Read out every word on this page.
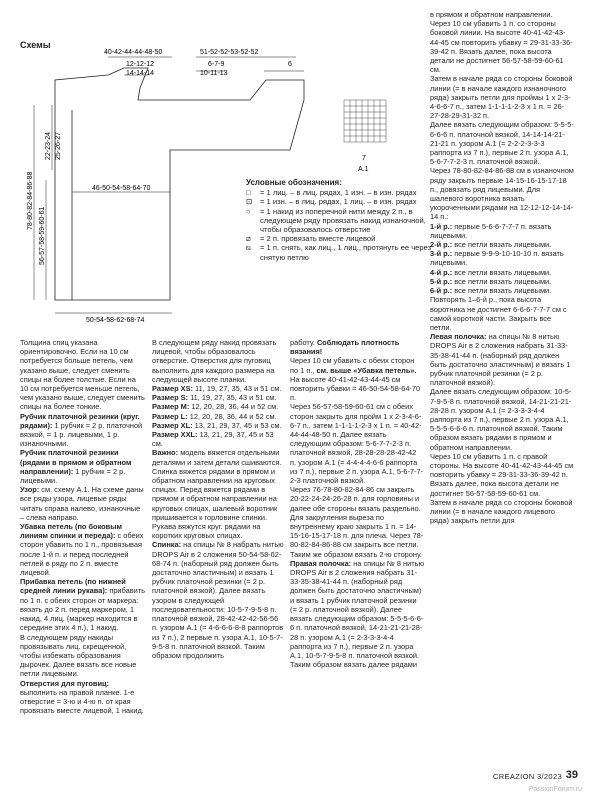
Схемы
40-42-44-44-48-50
12-12-12
14-14-14
51-52-52-53-52-52
6-7-9
10-11-13
6
46-50-54-58-64-70
50-54-58-62-68-74
22-23-24 25-26-27
78-80-82-84-86-88
56-57-58-59-60-61
7
A.1
Условные обозначения:
□	= 1 лиц. – в лиц. рядах, 1 изн. – в изн. рядах
⊡	= 1 изн. – в лиц. рядах, 1 лиц. – в изн. рядах
○	= 1 накид из поперечной нити между 2 п., в следующем ряду провязать накид изнаночной, чтобы образовалось отверстие
⧄	= 2 п. провязать вместе лицевой
⧅	= 1 п. снять, как лиц., 1 лиц., протянуть ее через снятую петлю

Толщина спиц указана ориентировочно. Если на 10 см потребуется больше петель, чем указано выше, следует сменить спицы на более толстые. Если на 10 см потребуется меньше петель, чем указано выше, следует сменить спицы на более тонкие.

Рубчик платочной резинки (круг. рядами): 1 рубчик = 2 р. платочной вязкой, = 1 р. лицевыми, 1 р. изнаночными.

Рубчик платочной резинки (рядами в прямом и обратном направлении): 1 рубчик = 2 р. лицевыми.

Узор: см. схему А.1. На схеме даны все ряды узора, лицевые ряды читать справа налево, изнаночные – слева направо.

Убавка петель (по боковым линиям спинки и переда): с обеих сторон убавить по 1 п., провязывая после 1-й п. и перед последней петлей в ряду по 2 п. вместе лицевой.

Прибавка петель (по нижней средней линии рукава): прибавить по 1 п. с обеих сторон от маркера: вязать до 2 п. перед маркером, 1 накид, 4 лиц. (маркер находится в середине этих 4 п.), 1 накид.

В следующем ряду накиды провязывать лиц. скрещенной, чтобы избежать образования дырочек. Далее вязать все новые петли лицевыми.

Отверстия для пуговиц: выполнить на правой планке. 1-е отверстие = 3-ю и 4-ю п. от края провязать вместе лицевой, 1 накид.

В следующем ряду накид провязать лицевой, чтобы образовалось отверстие. Отверстия для пуговиц выполнить для каждого размера на следующей высоте планки.

Размер XS: 11, 19, 27, 35, 43 и 51 см.

Размер S: 11, 19, 27, 35, 43 и 51 см.

Размер M: 12, 20, 28, 36, 44 и 52 см.

Размер L: 12, 20, 28, 36, 44 и 52 см.

Размер XL: 13, 21, 29, 37, 45 и 53 см.

Размер XXL: 13, 21, 29, 37, 45 и 53 см.

Важно: модель вяжется отдельными деталями и затем детали сшиваются. Спинка вяжется рядами в прямом и обратном направлении на круговых спицах. Перед вяжется рядами в прямом и обратном направлении на круговых спицах, шалевый воротник пришивается к горловине спинки. Рукава вяжутся круг. рядами на коротких круговых спицах.

Спинка: на спицы № 8 набрать нитью DROPS Air в 2 сложения 50-54-58-62-68-74 п. (наборный ряд должен быть достаточно эластичным) и вязать 1 рубчик платочной резинки (= 2 р. платочной вязкой). Далее вязать узором в следующей последовательности: 10-5-7-9-5-8 п. платочной вязкой, 28-42-42-42-56-56 п. узором А.1 (= 4-6-6-6-8-8 раппортов из 7 п.), 2 первые п. узора А.1, 10-5-7-9-5-8 п. платочной вязкой. Таким образом продолжить

работу. Соблюдать плотность вязания!

Через 10 см убавить с обеих сторон по 1 п., см. выше «Убавка петель».

На высоте 40-41-42-43-44-45 см повторить убавки = 46-50-54-58-64-70 п.

Через 56-57-58-59-60-61 см с обеих сторон закрыть для пройм 1 х 2-3-4-6-6-7 п., затем 1-1-1-1-2-3 х 1 п. = 40-42-44-44-48-50 п. Далее вязать следующим образом: 5-6-7-7-2-3 п. платочной вязкой, 28-28-28-28-42-42 п. узором А.1 (= 4-4-4-4-6-6 раппорта из 7 п.), первые 2 п. узора А.1, 5-6-7-7-2-3 платочной вязкой.

Через 76-78-80-82-84-86 см закрыть 20-22-24-24-26-28 п. для горловины и далее обе стороны вязать раздельно. Для закругления выреза по внутреннему краю закрыть 1 п. = 14-15-16-15-17-18 п. для плеча. Через 78-80-82-84-86-88 см закрыть все петли. Таким же образом вязать 2-ю сторону.

Правая полочка: на спицы № 8 нитью DROPS Air в 2 сложения набрать 31-33-35-38-41-44 п. (наборный ряд должен быть достаточно эластичным) и вязать 1 рубчик платочной резинки (= 2 р. платочной вязкой). Далее вязать следующим образом: 5-5-5-6-6-6 п. платочной вязкой, 14-21-21-21-28-28 п. узором А.1 (= 2-3-3-3-4-4 раппорта из 7 п.), первые 2 п. узора А.1, 10-5-7-9-5-8 п. платочной вязкой. Таким образом вязать далее рядами

в прямом и обратном направлении. Через 10 см убавить 1 п. со стороны боковой линии. На высоте 40-41-42-43-44-45 см повторить убавку = 29-31-33-36-39-42 п. Вязать далее, пока высота детали не достигнет 56-57-58-59-60-61 см.

Затем в начале ряда со стороны боковой линии (= в начале каждого изнаночного ряда) закрыть петли для проймы 1 х 2-3-4-6-6-7 п., затем 1-1-1-1-2-3 х 1 п. = 26-27-28-29-31-32 п.

Далее вязать следующим образом: 5-5-5-6-6-6 п. платочной вязкой, 14-14-14-21-21-21 п. узором А.1 (= 2-2-2-3-3-3 раппорта из 7 п.), первые 2 п. узора А.1, 5-6-7-7-2-3 п. платочной вязкой.

Через 78-80-82-84-86-88 см в изнаночном ряду закрыть первые 14-15-16-15-17-18 п., довязать ряд лицевыми. Для шалевого воротника вязать укороченными рядами на 12-12-12-14-14-14 п.:

1-й р.: первые 5-6-6-7-7-7 п. вязать лицевыми.

2-й р.: все петли вязать лицевыми.

3-й р.: первые 9-9-9-10-10-10 п. вязать лицевыми.

4-й р.: все петли вязать лицевыми.

5-й р.: все петли вязать лицевыми.

6-й р.: все петли вязать лицевыми.

Повторять 1–6-й р., пока высота воротника не достигнет 6-6-6-7-7-7 см с самой короткой части. Закрыть все петли.

Левая полочка: на спицы № 8 нитью DROPS Air в 2 сложения набрать 31-33-35-38-41-44 п. (наборный ряд должен быть достаточно эластичным) и вязать 1 рубчик платочной резинки (= 2 р. платочной вязкой).

Далее вязать следующим образом: 10-5-7-9-5-8 п. платочной вязкой, 14-21-21-21-28-28 п. узором А.1 (= 2-3-3-3-4-4 раппорта из 7 п.), первые 2 п. узора А.1, 5-5-5-6-6-6 п. платочной вязкой. Таким образом вязать рядами в прямом и обратном направлении.

Через 10 см убавить 1 п. с правой стороны. На высоте 40-41-42-43-44-45 см повторить убавку = 29-31-33-36-39-42 п. Вязать далее, пока высота детали не достигнет 56-57-58-59-60-61 см.

Затем в начале ряда со стороны боковой линии (= в начале каждого лицевого ряда) закрыть петли для

CREAZION 3/2023 39
PassionForum.ru
